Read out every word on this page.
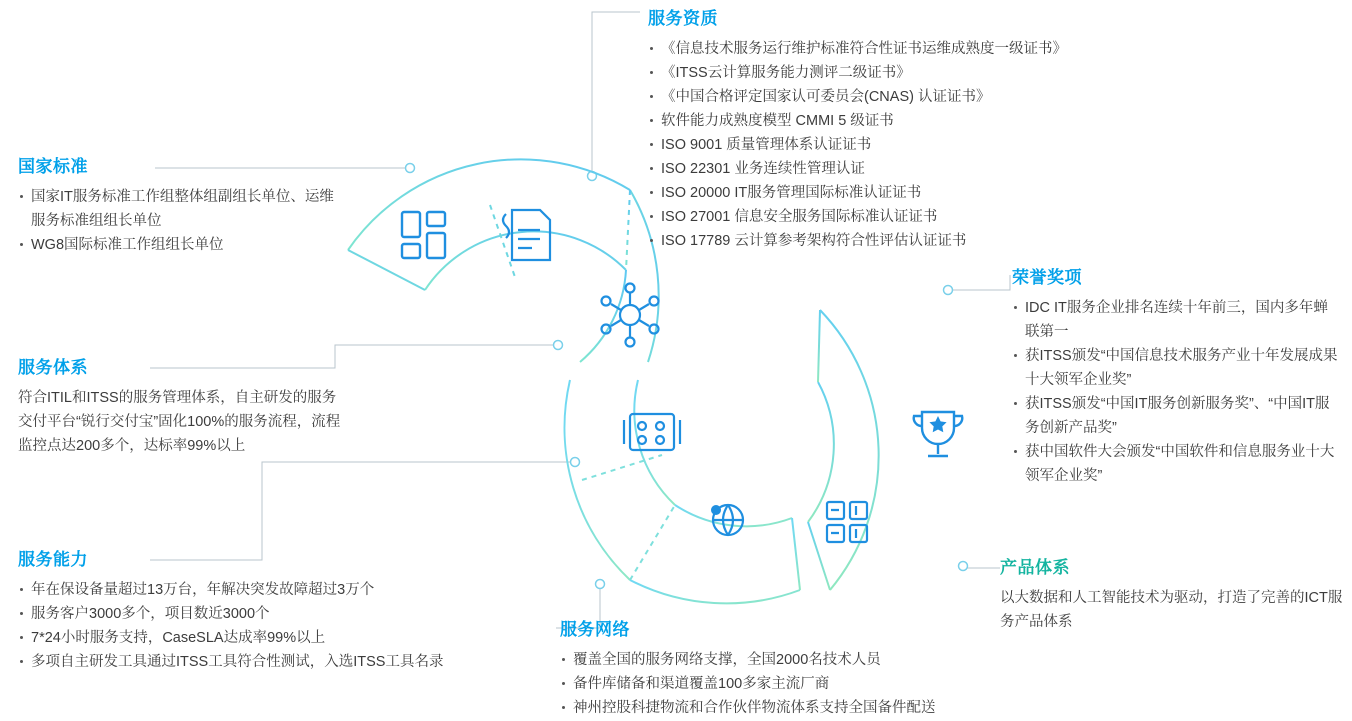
服务资质
《信息技术服务运行维护标准符合性证书运维成熟度一级证书》
《ITSS云计算服务能力测评二级证书》
《中国合格评定国家认可委员会(CNAS) 认证证书》
软件能力成熟度模型 CMMI 5 级证书
ISO 9001 质量管理体系认证证书
ISO 22301 业务连续性管理认证
ISO 20000 IT服务管理国际标准认证证书
ISO 27001 信息安全服务国际标准认证证书
ISO 17789 云计算参考架构符合性评估认证证书
国家标准
国家IT服务标准工作组整体组副组长单位、运维服务标准组组长单位
WG8国际标准工作组组长单位
服务体系

符合ITIL和ITSS的服务管理体系，自主研发的服务交付平台“锐行交付宝”固化100%的服务流程，流程监控点达200多个，达标率99%以上

服务能力
年在保设备量超过13万台，年解决突发故障超过3万个
服务客户3000多个，项目数近3000个
7*24小时服务支持，CaseSLA达成率99%以上
多项自主研发工具通过ITSS工具符合性测试，入选ITSS工具名录
荣誉奖项
IDC IT服务企业排名连续十年前三，国内多年蝉联第一
获ITSS颁发“中国信息技术服务产业十年发展成果十大领军企业奖”
获ITSS颁发“中国IT服务创新服务奖”、“中国IT服务创新产品奖”
获中国软件大会颁发“中国软件和信息服务业十大领军企业奖”
产品体系

以大数据和人工智能技术为驱动，打造了完善的ICT服务产品体系

服务网络
覆盖全国的服务网络支撑，全国2000名技术人员
备件库储备和渠道覆盖100多家主流厂商
神州控股科捷物流和合作伙伴物流体系支持全国备件配送
